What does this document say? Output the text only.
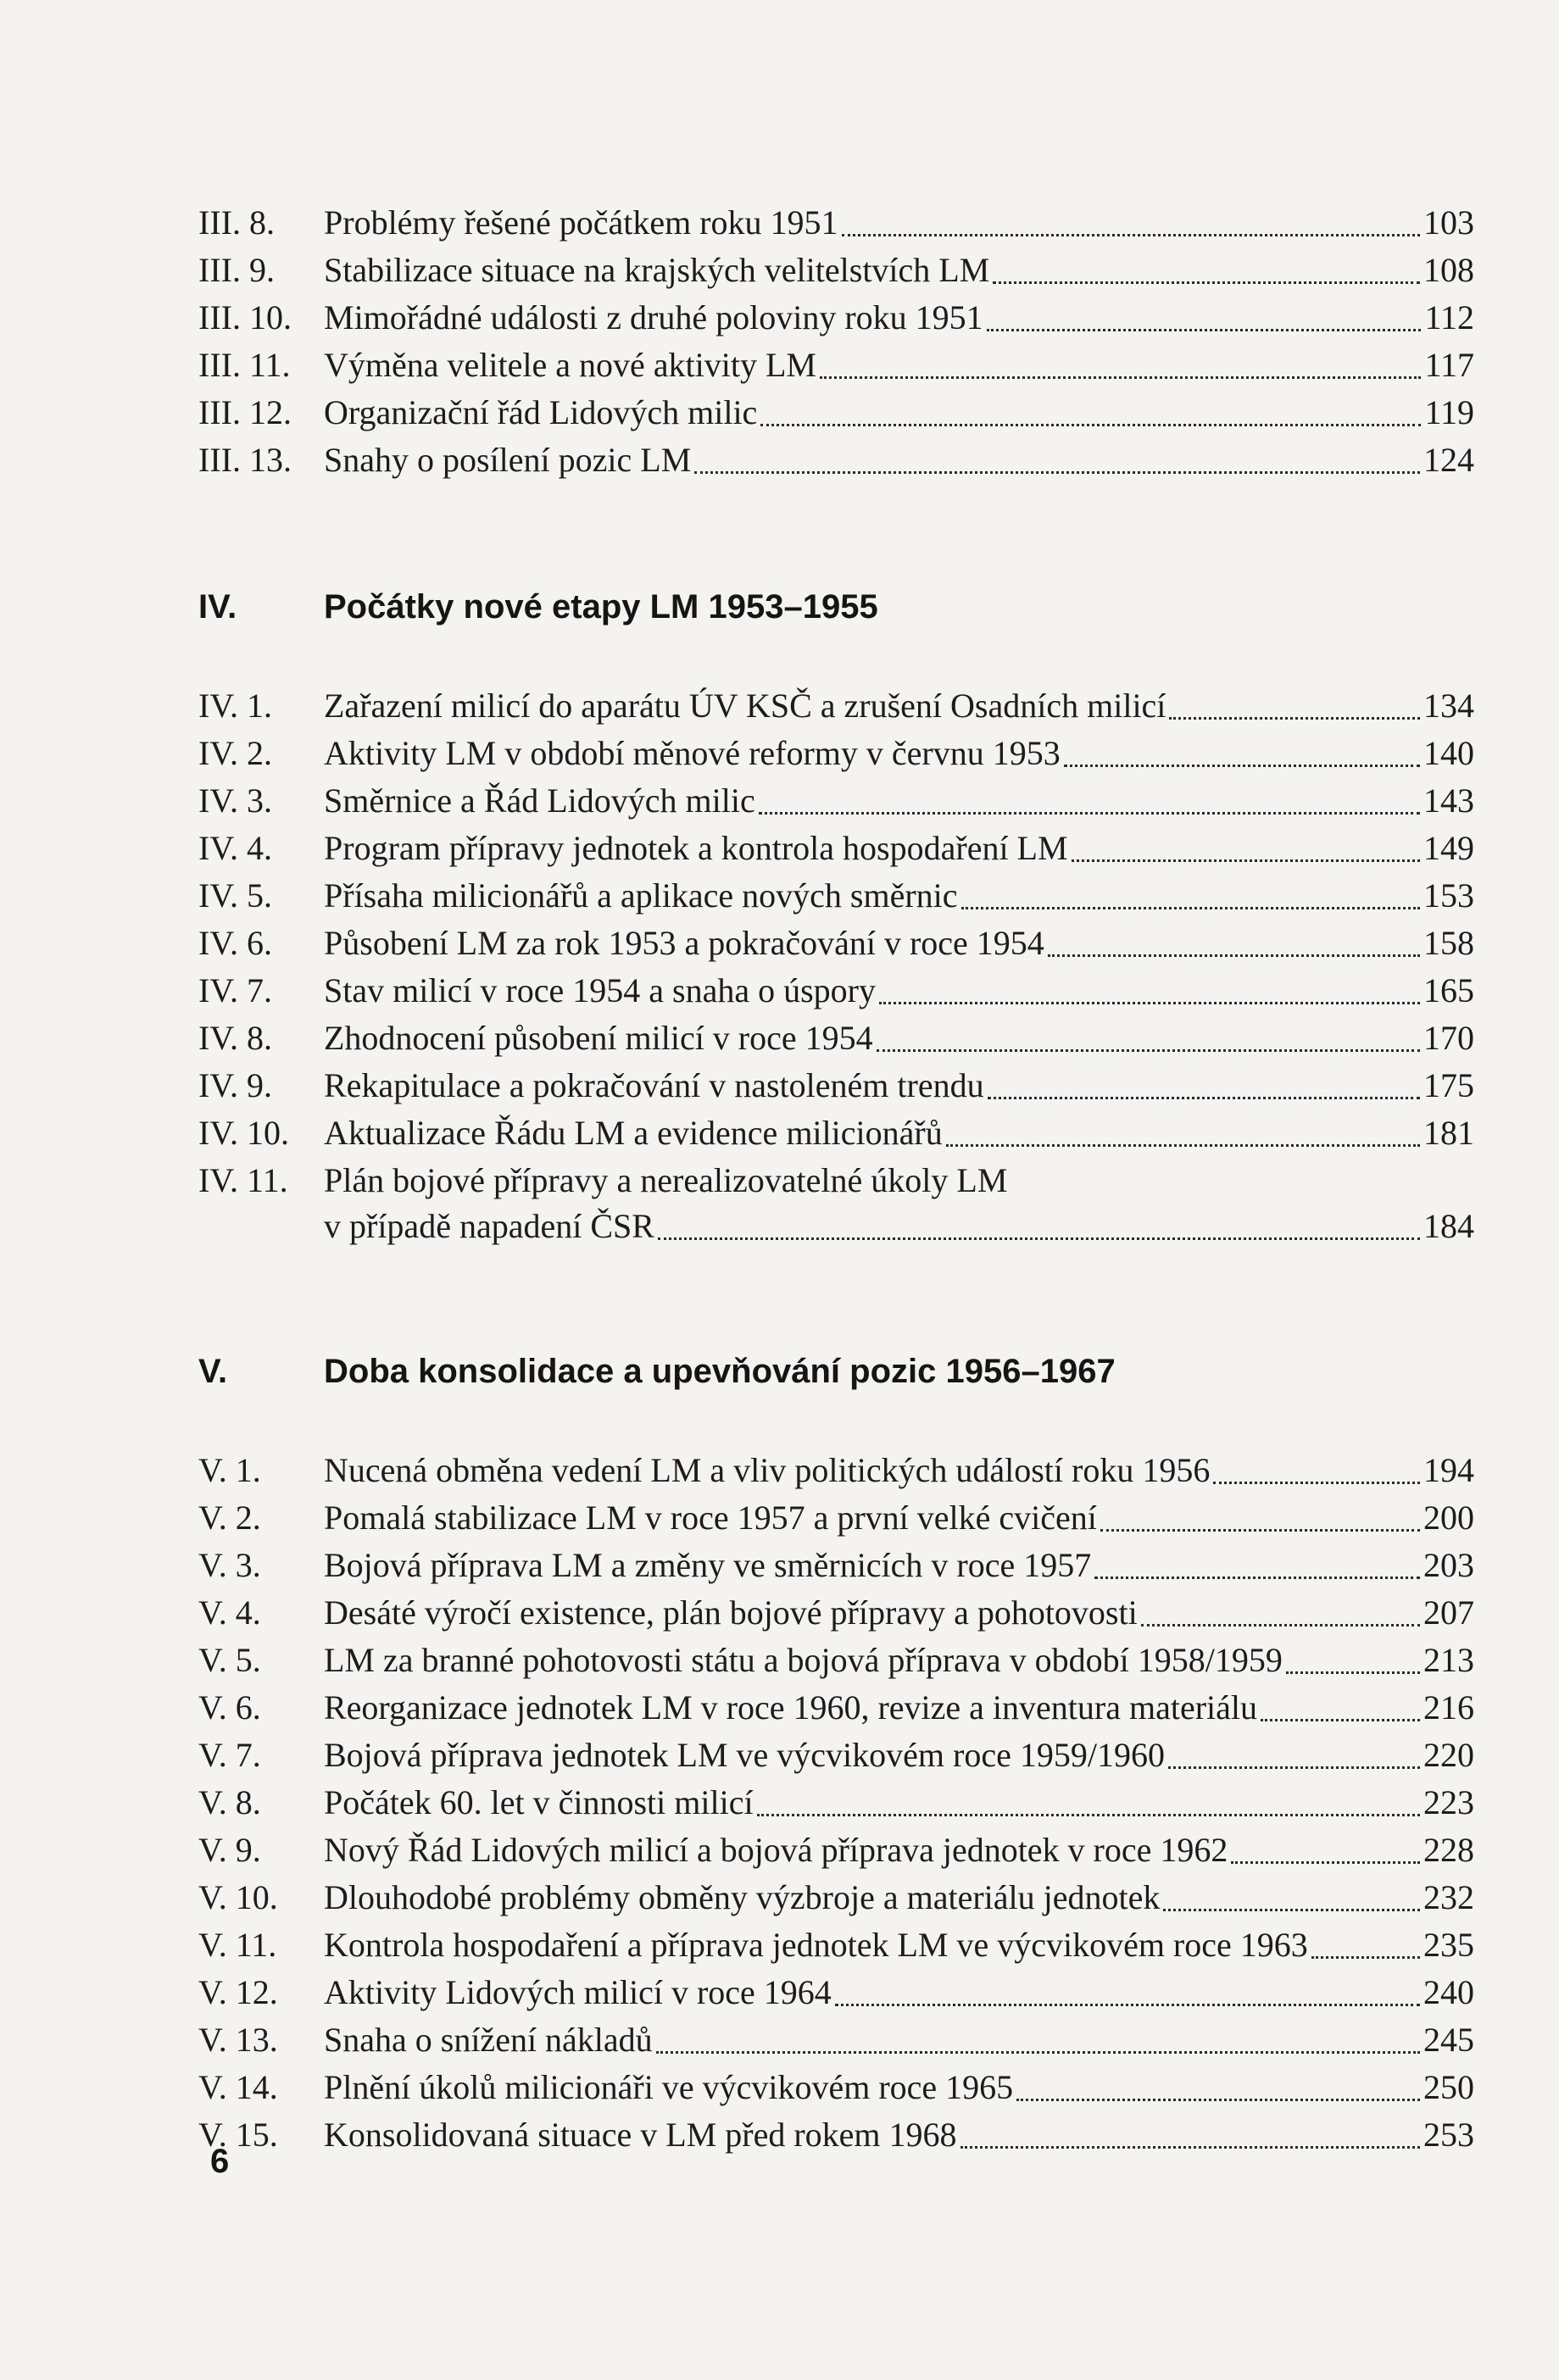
III. 8. Problémy řešené počátkem roku 1951	103
III. 9. Stabilizace situace na krajských velitelstvích LM	108
III. 10. Mimořádné události z druhé poloviny roku 1951	112
III. 11. Výměna velitele a nové aktivity LM	117
III. 12. Organizační řád Lidových milic	119
III. 13. Snahy o posílení pozic LM	124
IV.	Počátky nové etapy LM 1953–1955
IV. 1. Zařazení milicí do aparátu ÚV KSČ a zrušení Osadních milicí	134
IV. 2. Aktivity LM v období měnové reformy v červnu 1953	140
IV. 3. Směrnice a Řád Lidových milic	143
IV. 4. Program přípravy jednotek a kontrola hospodaření LM	149
IV. 5. Přísaha milicionářů a aplikace nových směrnic	153
IV. 6. Působení LM za rok 1953 a pokračování v roce 1954	158
IV. 7. Stav milicí v roce 1954 a snaha o úspory	165
IV. 8. Zhodnocení působení milicí v roce 1954	170
IV. 9. Rekapitulace a pokračování v nastoleném trendu	175
IV. 10. Aktualizace Řádu LM a evidence milicionářů	181
IV. 11. Plán bojové přípravy a nerealizovatelné úkoly LM
v případě napadení ČSR	184
V.	Doba konsolidace a upevňování pozic 1956–1967
V. 1. Nucená obměna vedení LM a vliv politických událostí roku 1956	194
V. 2. Pomalá stabilizace LM v roce 1957 a první velké cvičení	200
V. 3. Bojová příprava LM a změny ve směrnicích v roce 1957	203
V. 4. Desáté výročí existence, plán bojové přípravy a pohotovosti	207
V. 5. LM za branné pohotovosti státu a bojová příprava v období 1958/1959	213
V. 6. Reorganizace jednotek LM v roce 1960, revize a inventura materiálu	216
V. 7. Bojová příprava jednotek LM ve výcvikovém roce 1959/1960	220
V. 8. Počátek 60. let v činnosti milicí	223
V. 9. Nový Řád Lidových milicí a bojová příprava jednotek v roce 1962	228
V. 10. Dlouhodobé problémy obměny výzbroje a materiálu jednotek	232
V. 11. Kontrola hospodaření a příprava jednotek LM ve výcvikovém roce 1963	235
V. 12. Aktivity Lidových milicí v roce 1964	240
V. 13. Snaha o snížení nákladů	245
V. 14. Plnění úkolů milicionáři ve výcvikovém roce 1965	250
V. 15. Konsolidovaná situace v LM před rokem 1968	253
6
